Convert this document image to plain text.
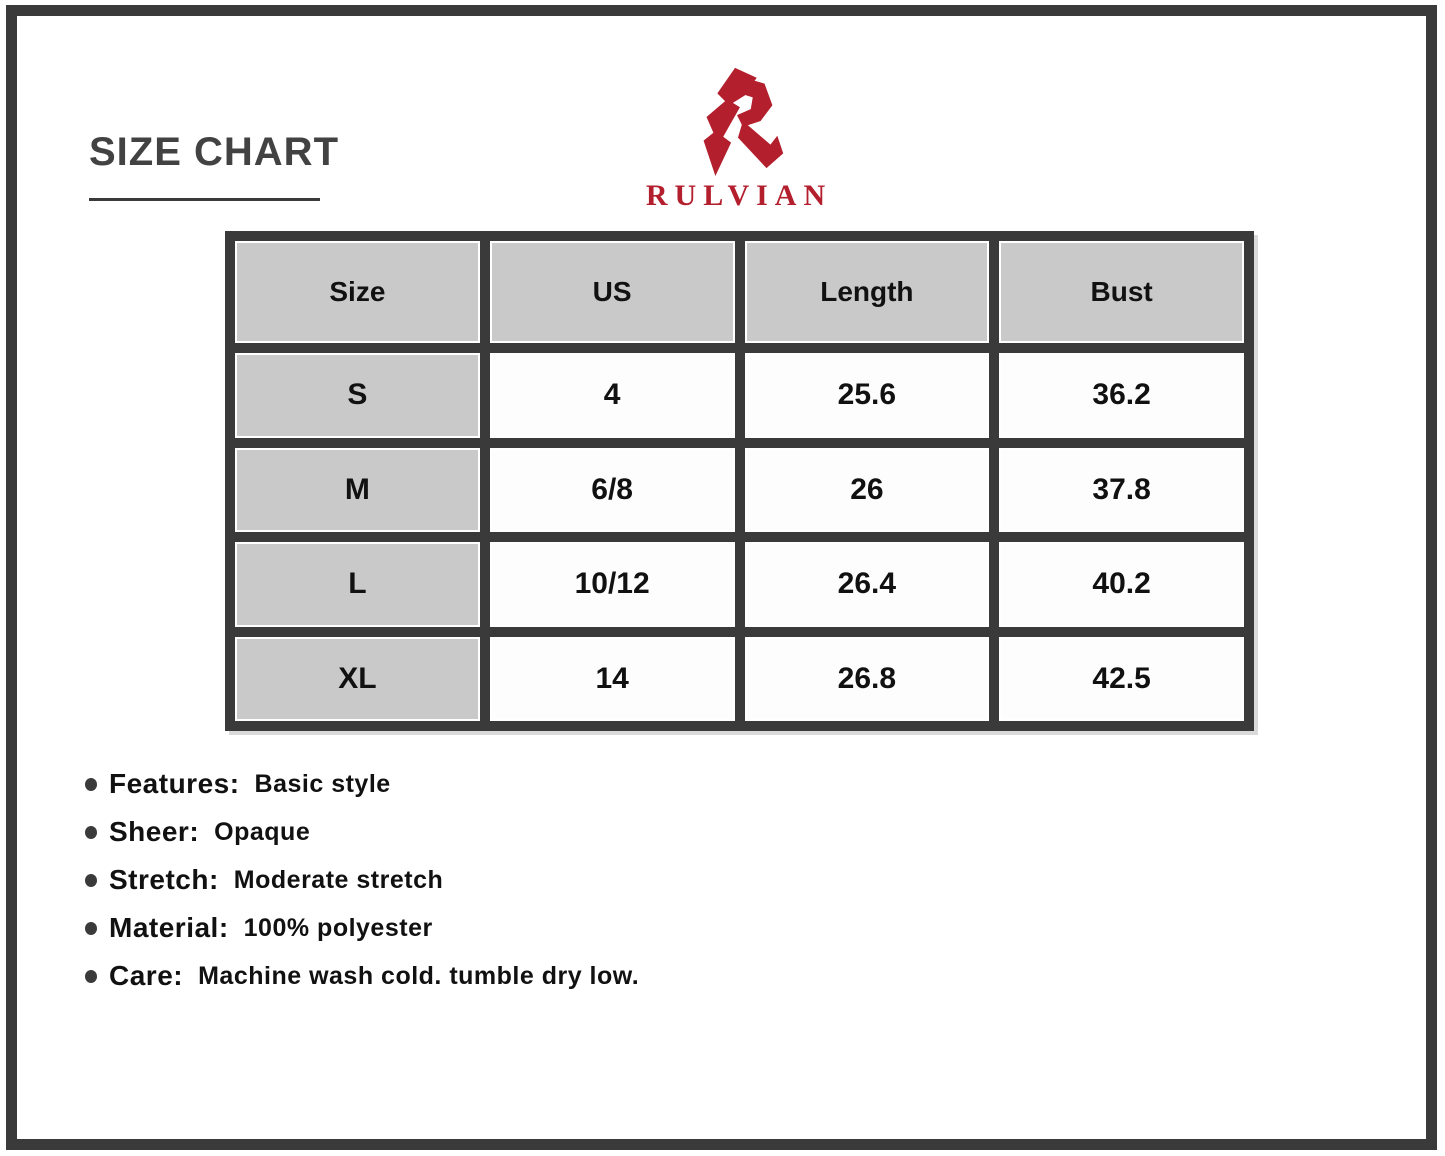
SIZE CHART
RULVIAN
Size	US	Length	Bust
S	4	25.6	36.2
M	6/8	26	37.8
L	10/12	26.4	40.2
XL	14	26.8	42.5
Features: Basic style
Sheer: Opaque
Stretch: Moderate stretch
Material: 100% polyester
Care: Machine wash cold. tumble dry low.
